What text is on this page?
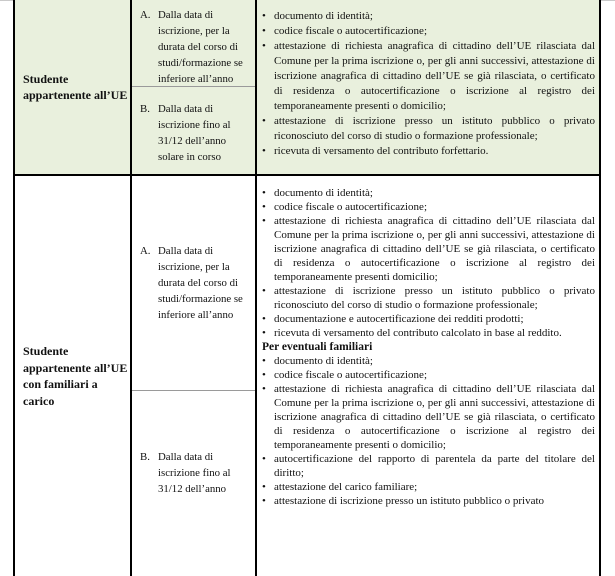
Studente appartenente all’UE
A. Dalla data di iscrizione, per la durata del corso di studi/formazione se inferiore all’anno
B. Dalla data di iscrizione fino al 31/12 dell’anno solare in corso
•
documento di identità;
•
codice fiscale o autocertificazione;
•
attestazione di richiesta anagrafica di cittadino dell’UE rilasciata dal Comune per la prima iscrizione o, per gli anni successivi, attestazione di iscrizione anagrafica di cittadino dell’UE se già rilasciata, o certificato di residenza o autocertificazione o iscrizione al registro dei temporaneamente presenti o domicilio;
•
attestazione di iscrizione presso un istituto pubblico o privato riconosciuto del corso di studio o formazione professionale;
•
ricevuta di versamento del contributo forfettario.
Studente appartenente all’UE con familiari a carico
A. Dalla data di iscrizione, per la durata del corso di studi/formazione se inferiore all’anno
B. Dalla data di iscrizione fino al 31/12 dell’anno
•
documento di identità;
•
codice fiscale o autocertificazione;
•
attestazione di richiesta anagrafica di cittadino dell’UE rilasciata dal Comune per la prima iscrizione o, per gli anni successivi, attestazione di iscrizione anagrafica di cittadino dell’UE se già rilasciata, o certificato di residenza o autocertificazione o iscrizione al registro dei temporaneamente presenti domicilio;
•
attestazione di iscrizione presso un istituto pubblico o privato riconosciuto del corso di studio o formazione professionale;
•
documentazione e autocertificazione dei redditi prodotti;
•
ricevuta di versamento del contributo calcolato in base al reddito.
Per eventuali familiari
•
documento di identità;
•
codice fiscale o autocertificazione;
•
attestazione di richiesta anagrafica di cittadino dell’UE rilasciata dal Comune per la prima iscrizione o, per gli anni successivi, attestazione di iscrizione anagrafica di cittadino dell’UE se già rilasciata, o certificato di residenza o autocertificazione o iscrizione al registro dei temporaneamente presenti o domicilio;
•
autocertificazione del rapporto di parentela da parte del titolare del diritto;
•
attestazione del carico familiare;
•
attestazione di iscrizione presso un istituto pubblico o privato
